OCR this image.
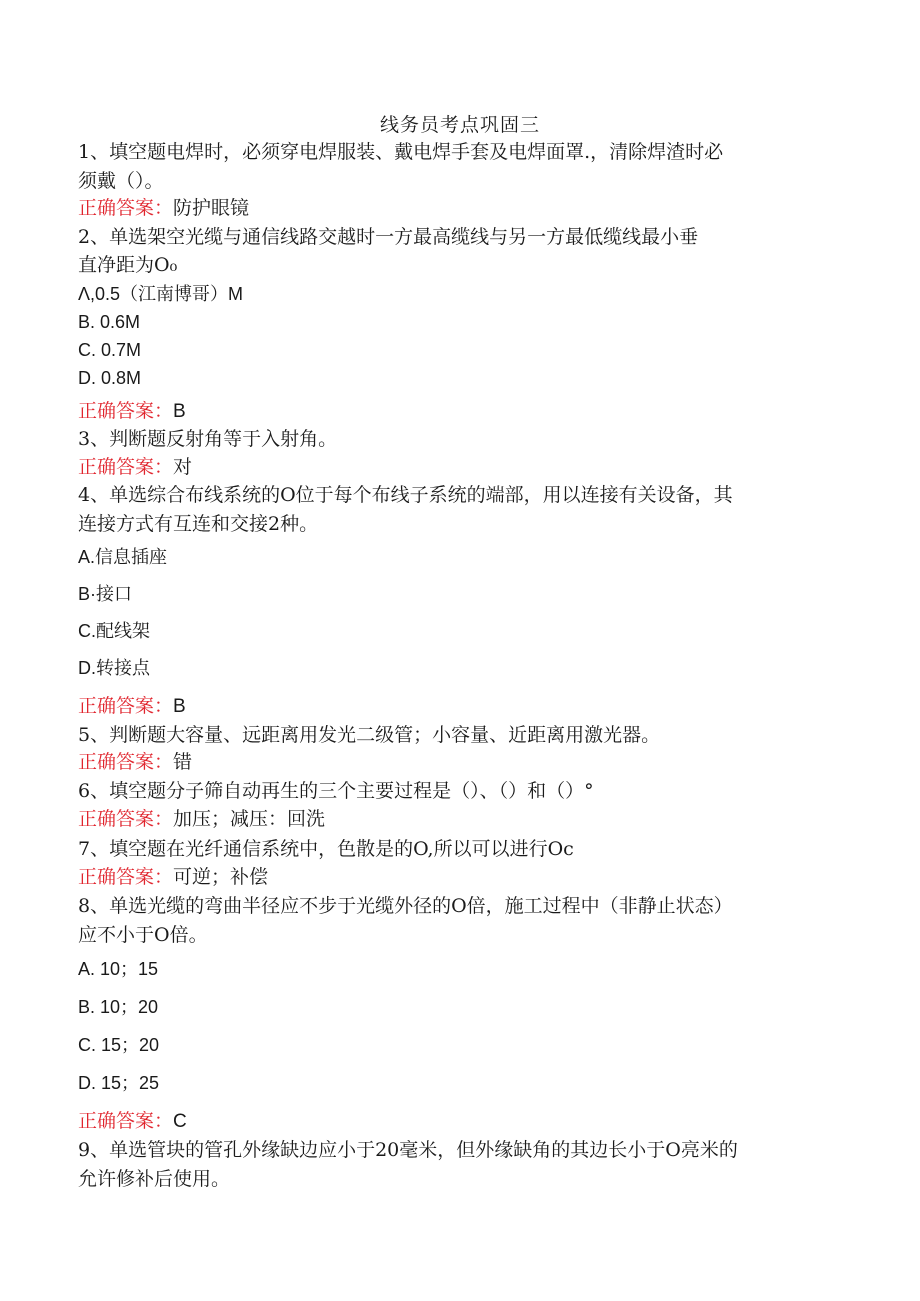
线务员考点巩固三
1、填空题电焊时，必须穿电焊服装、戴电焊手套及电焊面罩.，清除焊渣时必
须戴（）。
正确答案：防护眼镜
2、单选架空光缆与通信线路交越时一方最高缆线与另一方最低缆线最小垂
直净距为O₀
Λ,0.5（江南博哥）M
B. 0.6M
C. 0.7M
D. 0.8M
正确答案：B
3、判断题反射角等于入射角。
正确答案：对
4、单选综合布线系统的O位于每个布线子系统的端部，用以连接有关设备，其
连接方式有互连和交接2种。
A.信息插座
B·接口
C.配线架
D.转接点
正确答案：B
5、判断题大容量、远距离用发光二级管；小容量、近距离用激光器。
正确答案：错
6、填空题分子筛自动再生的三个主要过程是（）、（）和（）°
正确答案：加压；减压：回洗
7、填空题在光纤通信系统中，色散是的O,所以可以进行Oc
正确答案：可逆；补偿
8、单选光缆的弯曲半径应不步于光缆外径的O倍，施工过程中（非静止状态）
应不小于O倍。
A. 10；15
B. 10；20
C. 15；20
D. 15；25
正确答案：C
9、单选管块的管孔外缘缺边应小于20毫米，但外缘缺角的其边长小于O亮米的
允许修补后使用。
